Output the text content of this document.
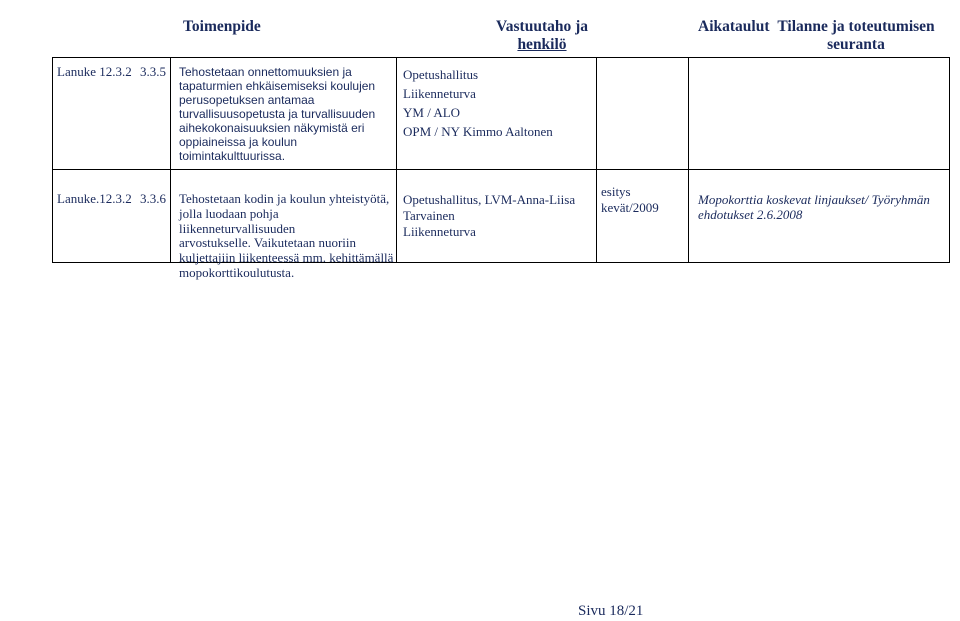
Toimenpide	Vastuutaho ja
henkilö
Aikataulut Tilanne ja toteutumisen
seuranta
Lanuke 12.3.2 3.3.5 Tehostetaan onnettomuuksien ja
tapaturmien ehkäisemiseksi koulujen
perusopetuksen antamaa
turvallisuusopetusta ja turvallisuuden
aihekokonaisuuksien näkymistä eri
oppiaineissa ja koulun
toimintakulttuurissa.
Opetushallitus
Liikenneturva
YM / ALO
OPM / NY Kimmo Aaltonen
Lanuke.12.3.2 3.3.6 Tehostetaan kodin ja koulun yhteistyötä,
jolla luodaan pohja liikenneturvallisuuden
arvostukselle. Vaikutetaan nuoriin
kuljettajiin liikenteessä mm. kehittämällä
mopokorttikoulutusta.
Opetushallitus, LVM-Anna-Liisa
Tarvainen
Liikenneturva
esitys
kevät/2009	Mopokorttia koskevat linjaukset/ Työryhmän
ehdotukset 2.6.2008
Sivu 18/21
